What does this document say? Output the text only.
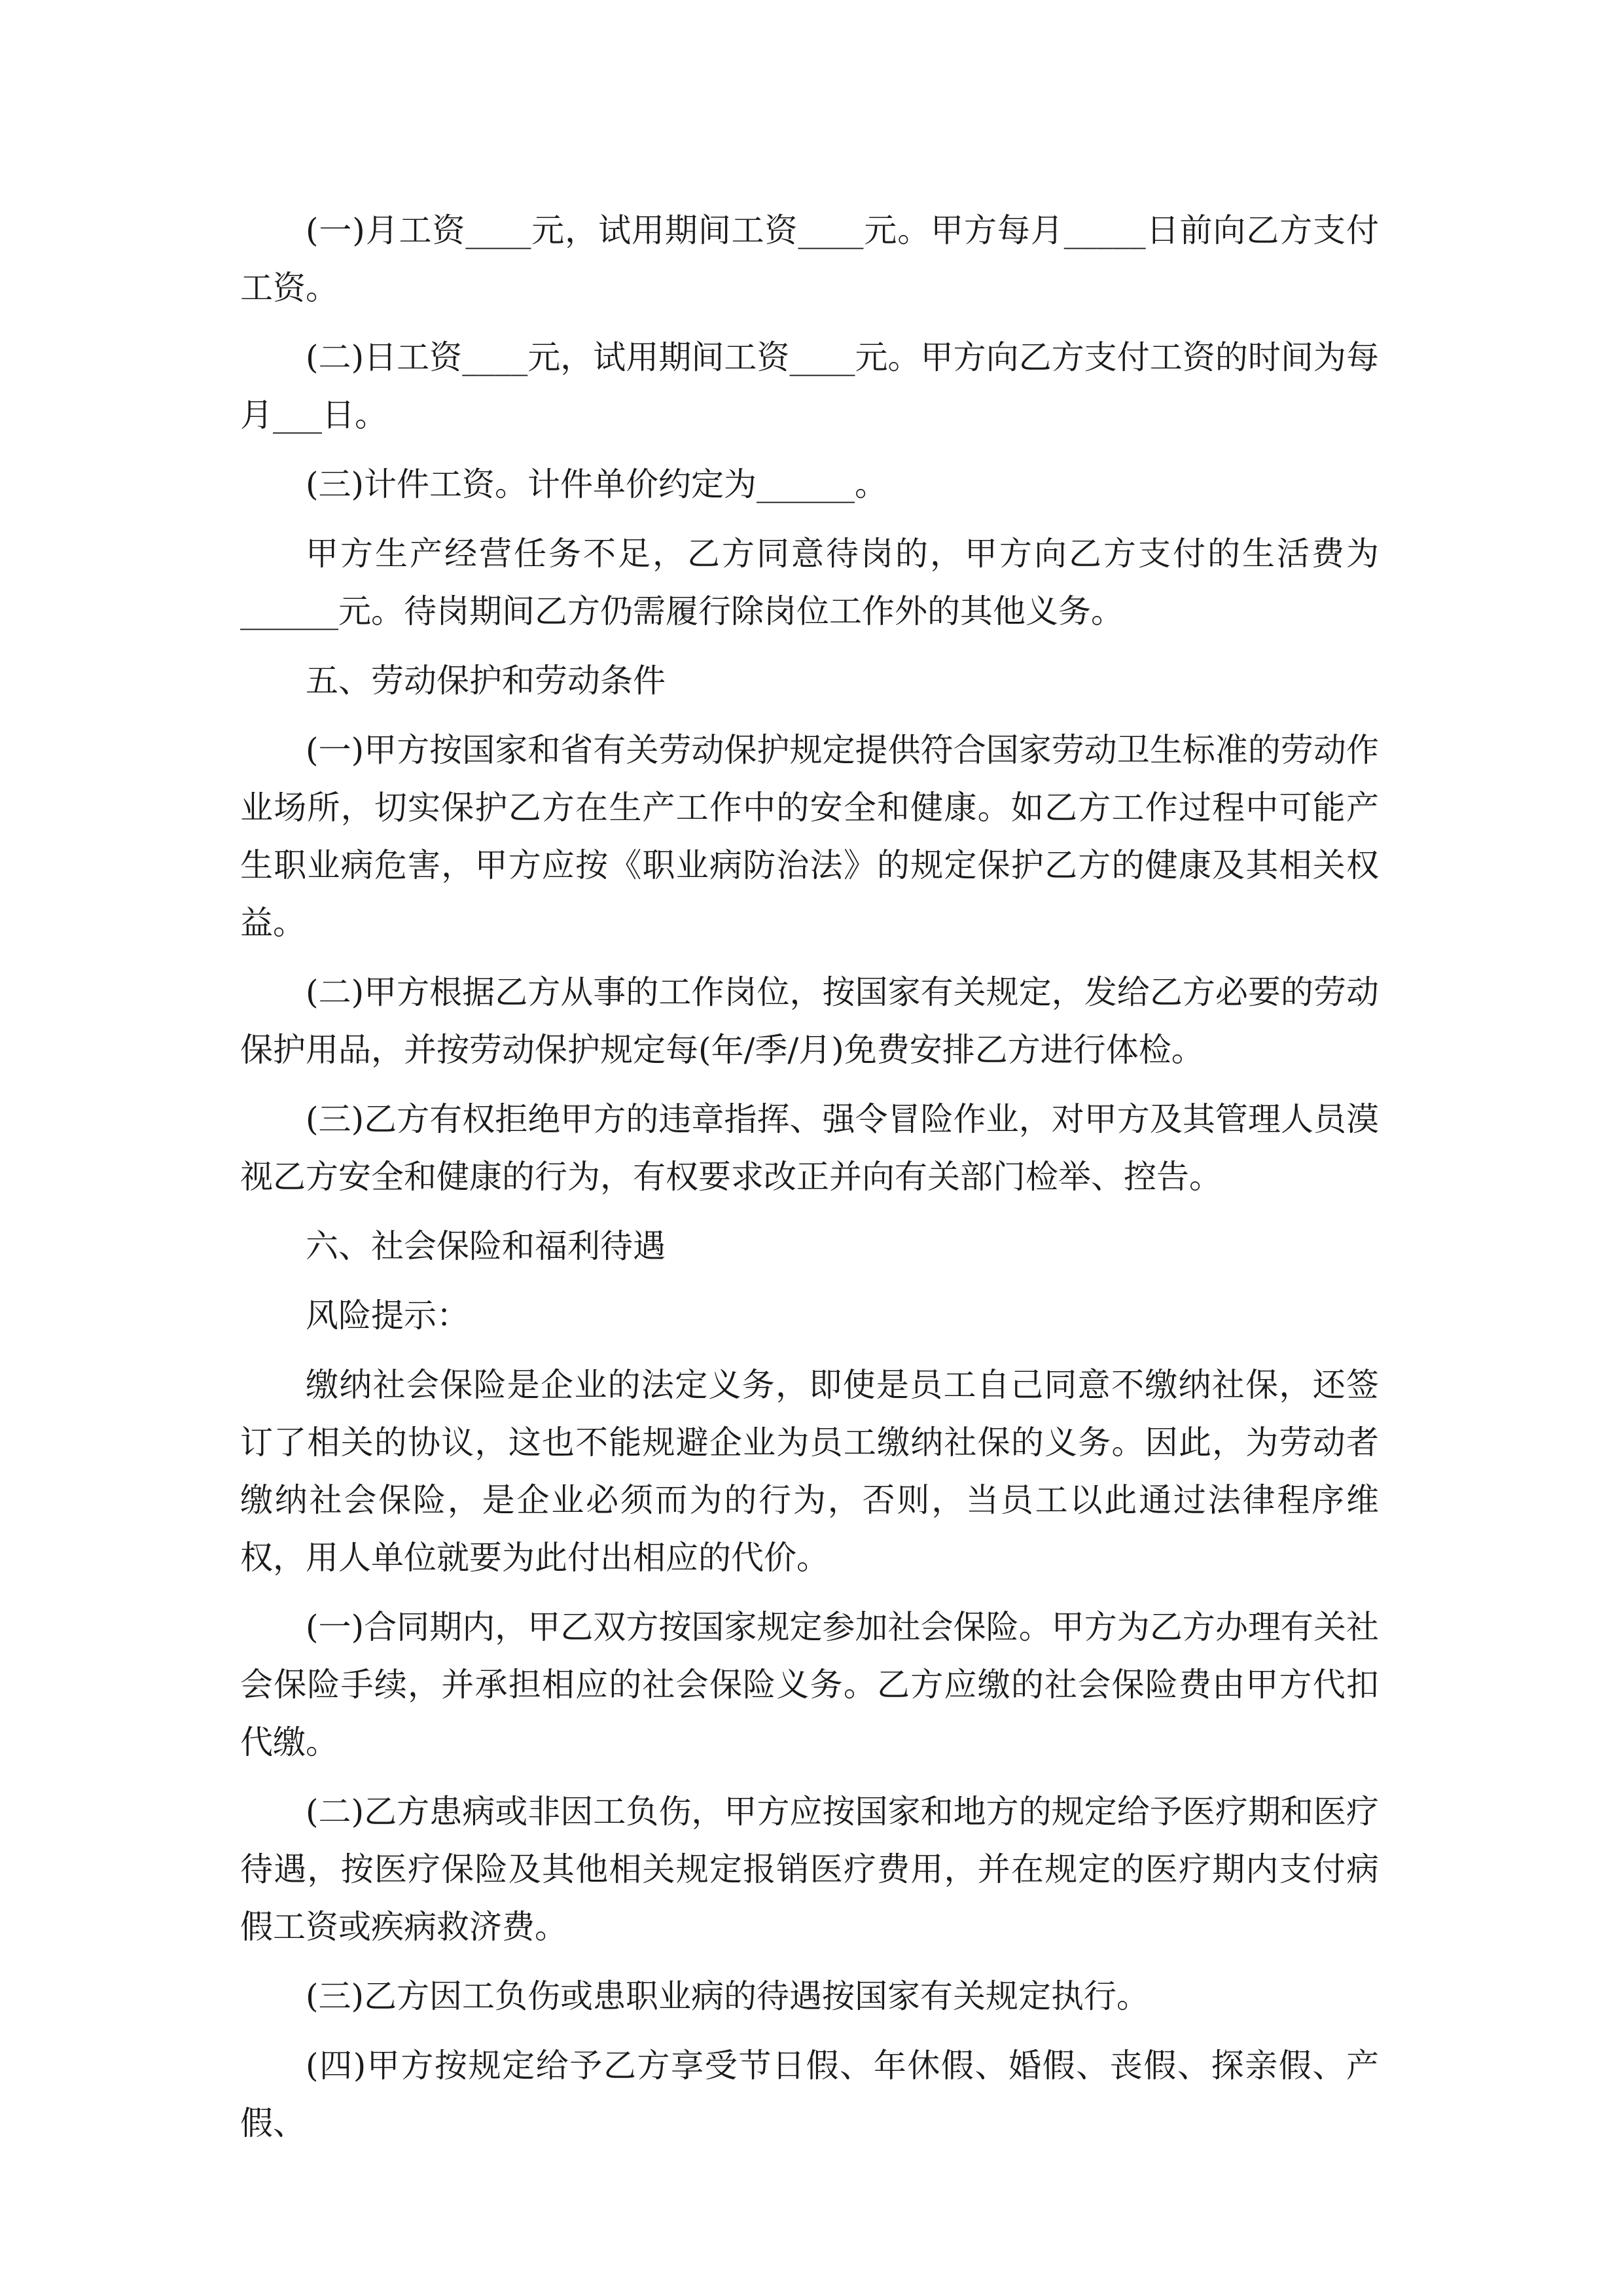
(一)月工资____元，试用期间工资____元。甲方每月_____日前向乙方支付工资。

(二)日工资____元，试用期间工资____元。甲方向乙方支付工资的时间为每月___日。

(三)计件工资。计件单价约定为______。

甲方生产经营任务不足，乙方同意待岗的，甲方向乙方支付的生活费为______元。待岗期间乙方仍需履行除岗位工作外的其他义务。

五、劳动保护和劳动条件

(一)甲方按国家和省有关劳动保护规定提供符合国家劳动卫生标准的劳动作业场所，切实保护乙方在生产工作中的安全和健康。如乙方工作过程中可能产生职业病危害，甲方应按《职业病防治法》的规定保护乙方的健康及其相关权益。

(二)甲方根据乙方从事的工作岗位，按国家有关规定，发给乙方必要的劳动保护用品，并按劳动保护规定每(年/季/月)免费安排乙方进行体检。

(三)乙方有权拒绝甲方的违章指挥、强令冒险作业，对甲方及其管理人员漠视乙方安全和健康的行为，有权要求改正并向有关部门检举、控告。

六、社会保险和福利待遇

风险提示：

缴纳社会保险是企业的法定义务，即使是员工自己同意不缴纳社保，还签订了相关的协议，这也不能规避企业为员工缴纳社保的义务。因此，为劳动者缴纳社会保险，是企业必须而为的行为，否则，当员工以此通过法律程序维权，用人单位就要为此付出相应的代价。

(一)合同期内，甲乙双方按国家规定参加社会保险。甲方为乙方办理有关社会保险手续，并承担相应的社会保险义务。乙方应缴的社会保险费由甲方代扣代缴。

(二)乙方患病或非因工负伤，甲方应按国家和地方的规定给予医疗期和医疗待遇，按医疗保险及其他相关规定报销医疗费用，并在规定的医疗期内支付病假工资或疾病救济费。

(三)乙方因工负伤或患职业病的待遇按国家有关规定执行。

(四)甲方按规定给予乙方享受节日假、年休假、婚假、丧假、探亲假、产假、
